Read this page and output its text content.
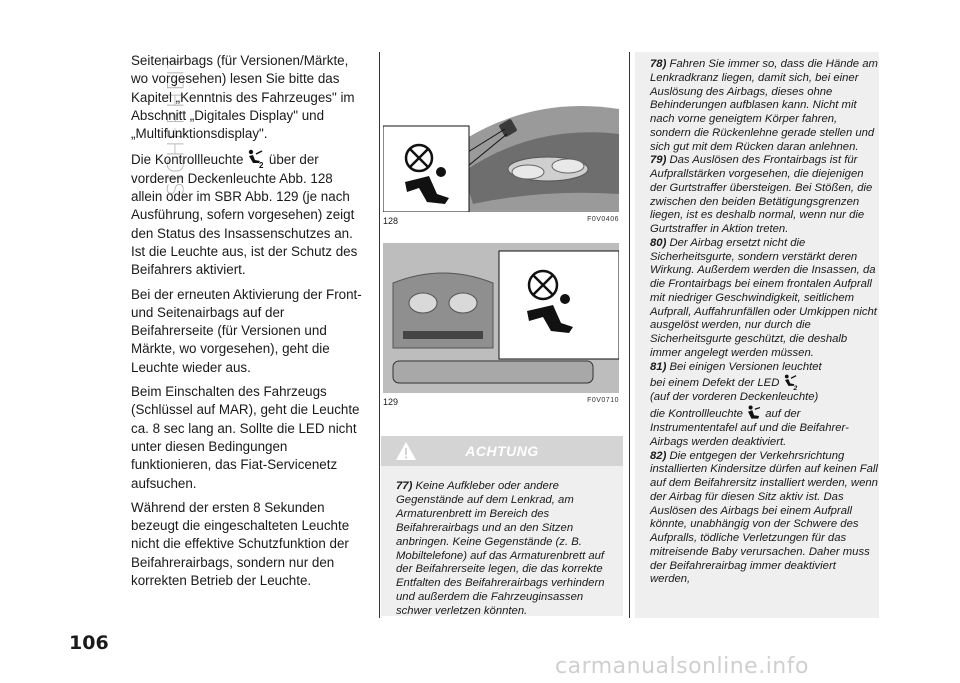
SICHERHEIT
106

Seitenairbags (für Versionen/Märkte, wo vorgesehen) lesen Sie bitte das Kapitel „Kenntnis des Fahrzeuges" im Abschnitt „Digitales Display" und „Multifunktionsdisplay".

Die Kontrollleuchte 2 über der vorderen Deckenleuchte Abb. 128 allein oder im SBR Abb. 129 (je nach Ausführung, sofern vorgesehen) zeigt den Status des Insassenschutzes an. Ist die Leuchte aus, ist der Schutz des Beifahrers aktiviert.

Bei der erneuten Aktivierung der Front- und Seitenairbags auf der Beifahrerseite (für Versionen und Märkte, wo vorgesehen), geht die Leuchte wieder aus.

Beim Einschalten des Fahrzeugs (Schlüssel auf MAR), geht die Leuchte ca. 8 sec lang an. Sollte die LED nicht unter diesen Bedingungen funktionieren, das Fiat-Servicenetz aufsuchen.

Während der ersten 8 Sekunden bezeugt die eingeschalteten Leuchte nicht die effektive Schutzfunktion der Beifahrerairbags, sondern nur den korrekten Betrieb der Leuchte.

128	F0V0406
129	F0V0710
ACHTUNG
77) Keine Aufkleber oder andere Gegenstände auf dem Lenkrad, am Armaturenbrett im Bereich des Beifahrerairbags und an den Sitzen anbringen. Keine Gegenstände (z. B. Mobiltelefone) auf das Armaturenbrett auf der Beifahrerseite legen, die das korrekte Entfalten des Beifahrerairbags verhindern und außerdem die Fahrzeuginsassen schwer verletzen könnten.

78) Fahren Sie immer so, dass die Hände am Lenkradkranz liegen, damit sich, bei einer Auslösung des Airbags, dieses ohne Behinderungen aufblasen kann. Nicht mit nach vorne geneigtem Körper fahren, sondern die Rückenlehne gerade stellen und sich gut mit dem Rücken daran anlehnen.

79) Das Auslösen des Frontairbags ist für Aufprallstärken vorgesehen, die diejenigen der Gurtstraffer übersteigen. Bei Stößen, die zwischen den beiden Betätigungsgrenzen liegen, ist es deshalb normal, wenn nur die Gurtstraffer in Aktion treten.

80) Der Airbag ersetzt nicht die Sicherheitsgurte, sondern verstärkt deren Wirkung. Außerdem werden die Insassen, da die Frontairbags bei einem frontalen Aufprall mit niedriger Geschwindigkeit, seitlichem Aufprall, Auffahrunfällen oder Umkippen nicht ausgelöst werden, nur durch die Sicherheitsgurte geschützt, die deshalb immer angelegt werden müssen.

81) Bei einigen Versionen leuchtet
bei einem Defekt der LED 2

(auf der vorderen Deckenleuchte)
die Kontrollleuchte auf der Instrumententafel auf und die Beifahrer-Airbags werden deaktiviert.

82) Die entgegen der Verkehrsrichtung installierten Kindersitze dürfen auf keinen Fall auf dem Beifahrersitz installiert werden, wenn der Airbag für diesen Sitz aktiv ist. Das Auslösen des Airbags bei einem Aufprall könnte, unabhängig von der Schwere des Aufpralls, tödliche Verletzungen für das mitreisende Baby verursachen. Daher muss der Beifahrerairbag immer deaktiviert werden,

carmanualsonline.info
